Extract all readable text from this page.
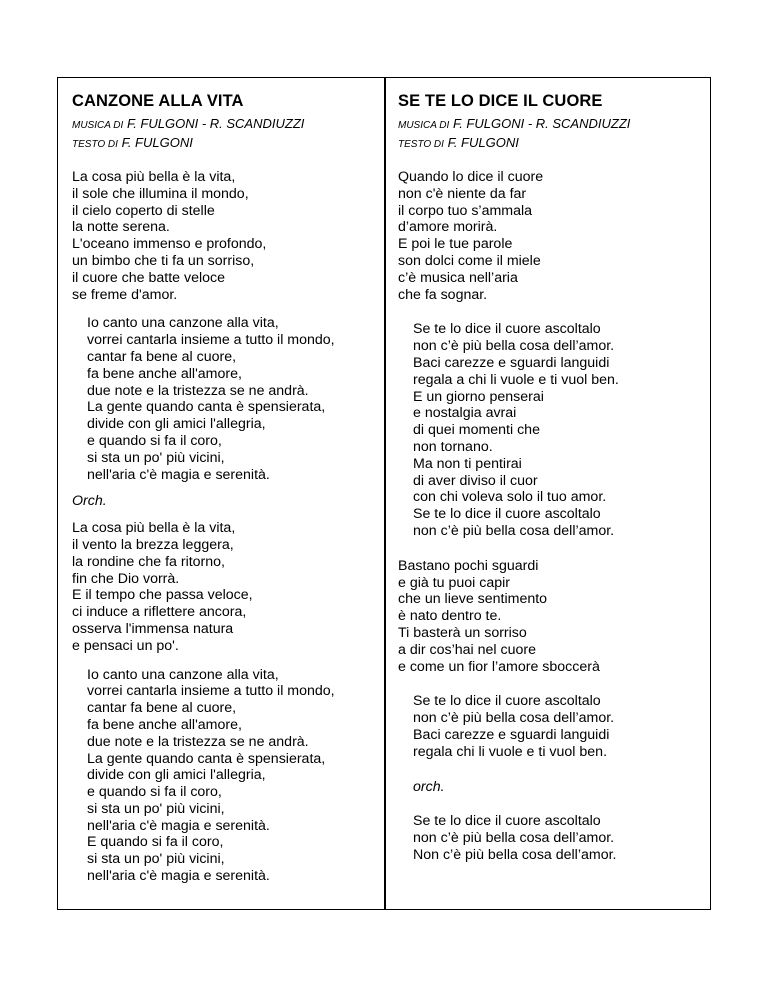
CANZONE ALLA VITA
MUSICA DI F. FULGONI - R. SCANDIUZZI
TESTO DI F. FULGONI
La cosa più bella è la vita,
il sole che illumina il mondo,
il cielo coperto di stelle
la notte serena.
L'oceano immenso e profondo,
un bimbo che ti fa un sorriso,
il cuore che batte veloce
se freme d'amor.
Io canto una canzone alla vita,
vorrei cantarla insieme a tutto il mondo,
cantar fa bene al cuore,
fa bene anche all'amore,
due note e la tristezza se ne andrà.
La gente quando canta è spensierata,
divide con gli amici l'allegria,
e quando si fa il coro,
si sta un po' più vicini,
nell'aria c'è magia e serenità.
Orch.
La cosa più bella è la vita,
il vento la brezza leggera,
la rondine che fa ritorno,
fin che Dio vorrà.
E il tempo che passa veloce,
ci induce a riflettere ancora,
osserva l'immensa natura
e pensaci un po'.
Io canto una canzone alla vita,
vorrei cantarla insieme a tutto il mondo,
cantar fa bene al cuore,
fa bene anche all'amore,
due note e la tristezza se ne andrà.
La gente quando canta è spensierata,
divide con gli amici l'allegria,
e quando si fa il coro,
si sta un po' più vicini,
nell'aria c'è magia e serenità.
E quando si fa il coro,
si sta un po' più vicini,
nell'aria c'è magia e serenità.
SE TE LO DICE IL CUORE
MUSICA DI F. FULGONI - R. SCANDIUZZI
TESTO DI F. FULGONI
Quando lo dice il cuore
non c'è niente da far
il corpo tuo s’ammala
d’amore morirà.
E poi le tue parole
son dolci come il miele
c’è musica nell’aria
che fa sognar.
Se te lo dice il cuore ascoltalo
non c’è più bella cosa dell’amor.
Baci carezze e sguardi languidi
regala a chi li vuole e ti vuol ben.
E un giorno penserai
e nostalgia avrai
di quei momenti che
non tornano.
Ma non ti pentirai
di aver diviso il cuor
con chi voleva solo il tuo amor.
Se te lo dice il cuore ascoltalo
non c’è più bella cosa dell’amor.
Bastano pochi sguardi
e già tu puoi capir
che un lieve sentimento
è nato dentro te.
Ti basterà un sorriso
a dir cos’hai nel cuore
e come un fior l’amore sboccerà
Se te lo dice il cuore ascoltalo
non c’è più bella cosa dell’amor.
Baci carezze e sguardi languidi
regala chi li vuole e ti vuol ben.
orch.
Se te lo dice il cuore ascoltalo
non c’è più bella cosa dell’amor.
Non c’è più bella cosa dell’amor.
